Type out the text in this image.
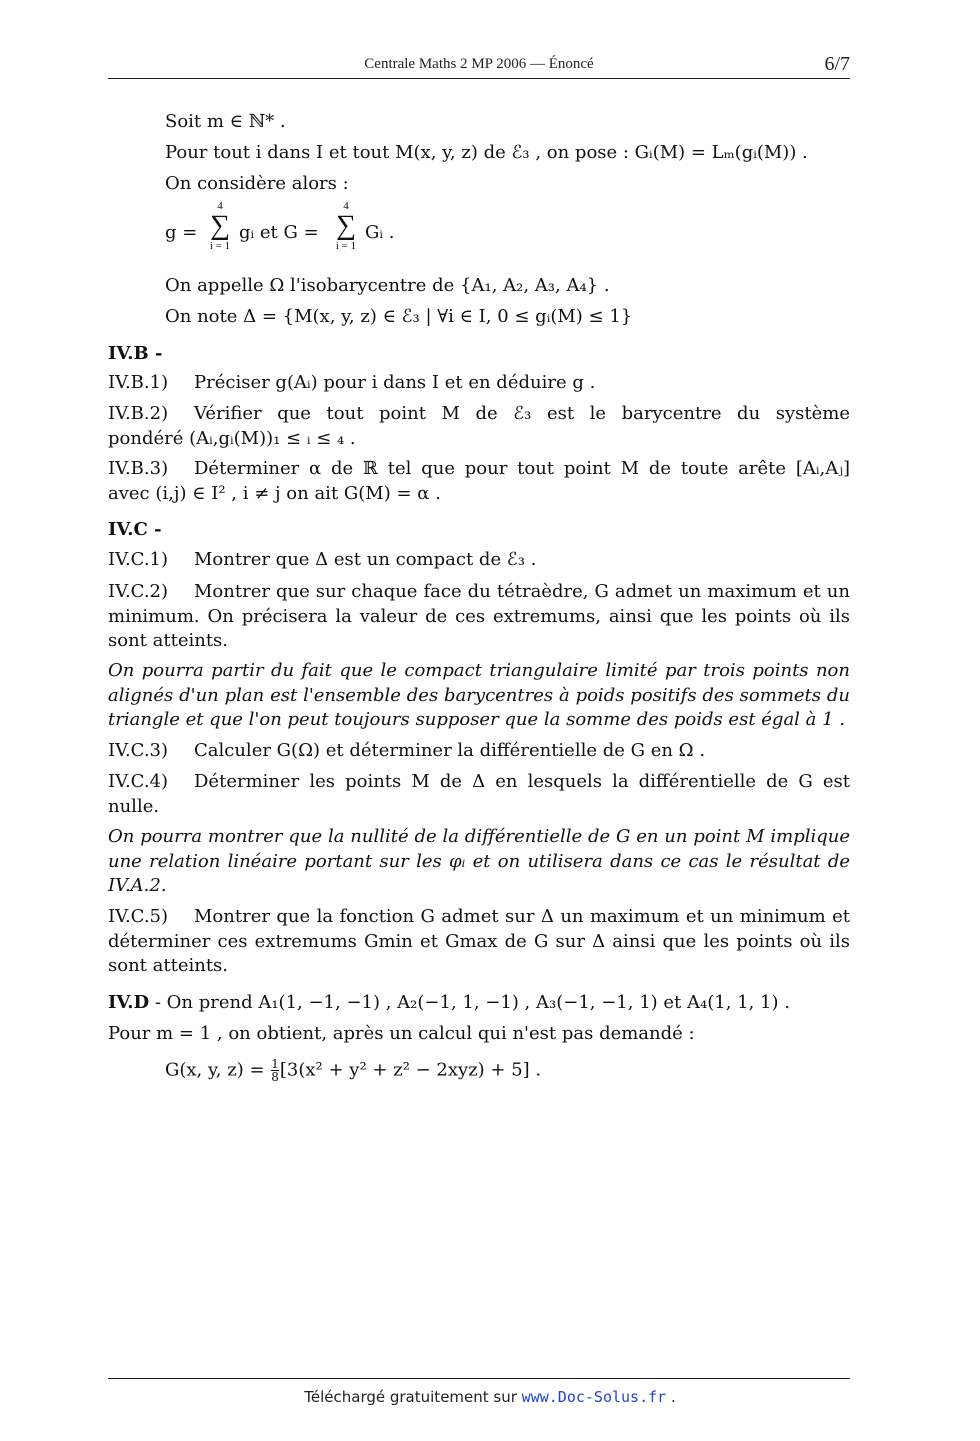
Centrale Maths 2 MP 2006 — Énoncé	6/7
Soit m ∈ ℕ* .
Pour tout i dans I et tout M(x, y, z) de ℰ₃ , on pose : Gᵢ(M) = Lₘ(gᵢ(M)) .
On considère alors :
g =
4
∑
i = 1
gᵢ et G =
4
∑
i = 1
Gᵢ .
On appelle Ω l'isobarycentre de {A₁, A₂, A₃, A₄} .
On note Δ = {M(x, y, z) ∈ ℰ₃ | ∀i ∈ I, 0 ≤ gᵢ(M) ≤ 1}
IV.B -
IV.B.1) Préciser g(Aᵢ) pour i dans I et en déduire g .
IV.B.2) Vérifier que tout point M de ℰ₃ est le barycentre du système
pondéré (Aᵢ,gᵢ(M))₁ ≤ ᵢ ≤ ₄ .
IV.B.3) Déterminer α de ℝ tel que pour tout point M de toute arête [Aᵢ,Aⱼ]
avec (i,j) ∈ I² , i ≠ j on ait G(M) = α .
IV.C -
IV.C.1) Montrer que Δ est un compact de ℰ₃ .
IV.C.2) Montrer que sur chaque face du tétraèdre, G admet un maximum et un minimum. On précisera la valeur de ces extremums, ainsi que les points où ils sont atteints.
On pourra partir du fait que le compact triangulaire limité par trois points non alignés d'un plan est l'ensemble des barycentres à poids positifs des sommets du triangle et que l'on peut toujours supposer que la somme des poids est égal à 1 .
IV.C.3) Calculer G(Ω) et déterminer la différentielle de G en Ω .
IV.C.4) Déterminer les points M de Δ en lesquels la différentielle de G est nulle.
On pourra montrer que la nullité de la différentielle de G en un point M implique une relation linéaire portant sur les φᵢ et on utilisera dans ce cas le résultat de IV.A.2.
IV.C.5) Montrer que la fonction G admet sur Δ un maximum et un minimum et déterminer ces extremums Gmin et Gmax de G sur Δ ainsi que les points où ils sont atteints.
IV.D - On prend A₁(1, −1, −1) , A₂(−1, 1, −1) , A₃(−1, −1, 1) et A₄(1, 1, 1) .
Pour m = 1 , on obtient, après un calcul qui n'est pas demandé :
G(x, y, $z) = \frac{1}{8} [3(x^2 + y^2 + z^2 - 2xyz) + 5]$ .
Téléchargé gratuitement sur www.Doc-Solus.fr .
